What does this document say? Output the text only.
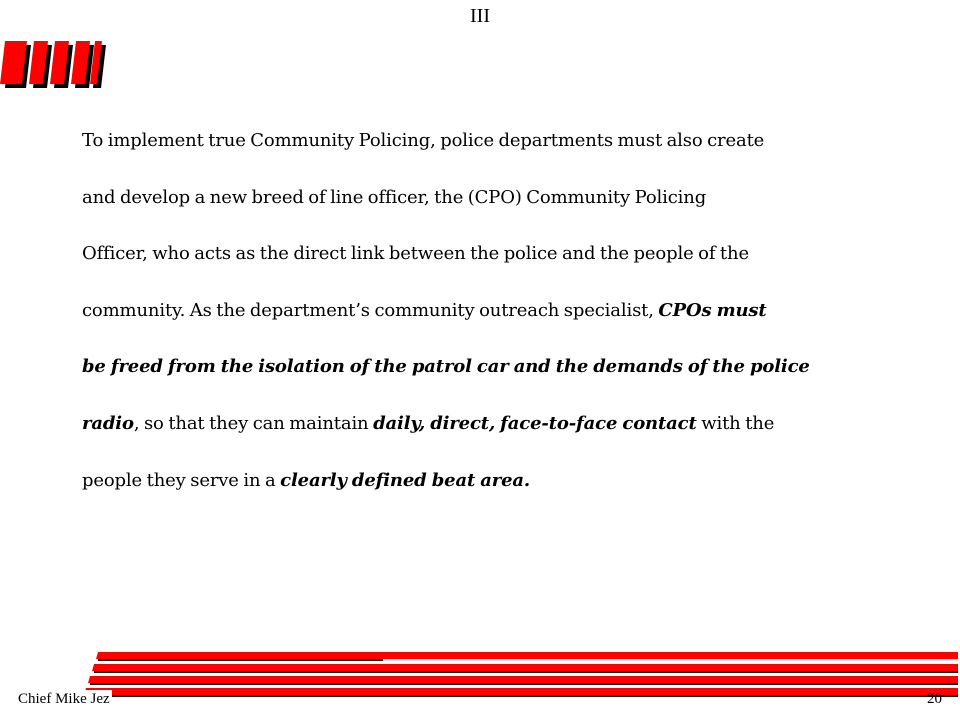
III

To implement true Community Policing, police departments must also create
and develop a new breed of line officer, the (CPO) Community Policing
Officer, who acts as the direct link between the police and the people of the
community. As the department’s community outreach specialist, CPOs must
be freed from the isolation of the patrol car and the demands of the police
radio, so that they can maintain daily, direct, face-to-face contact with the
people they serve in a clearly defined beat area.

Chief Mike Jez	20
